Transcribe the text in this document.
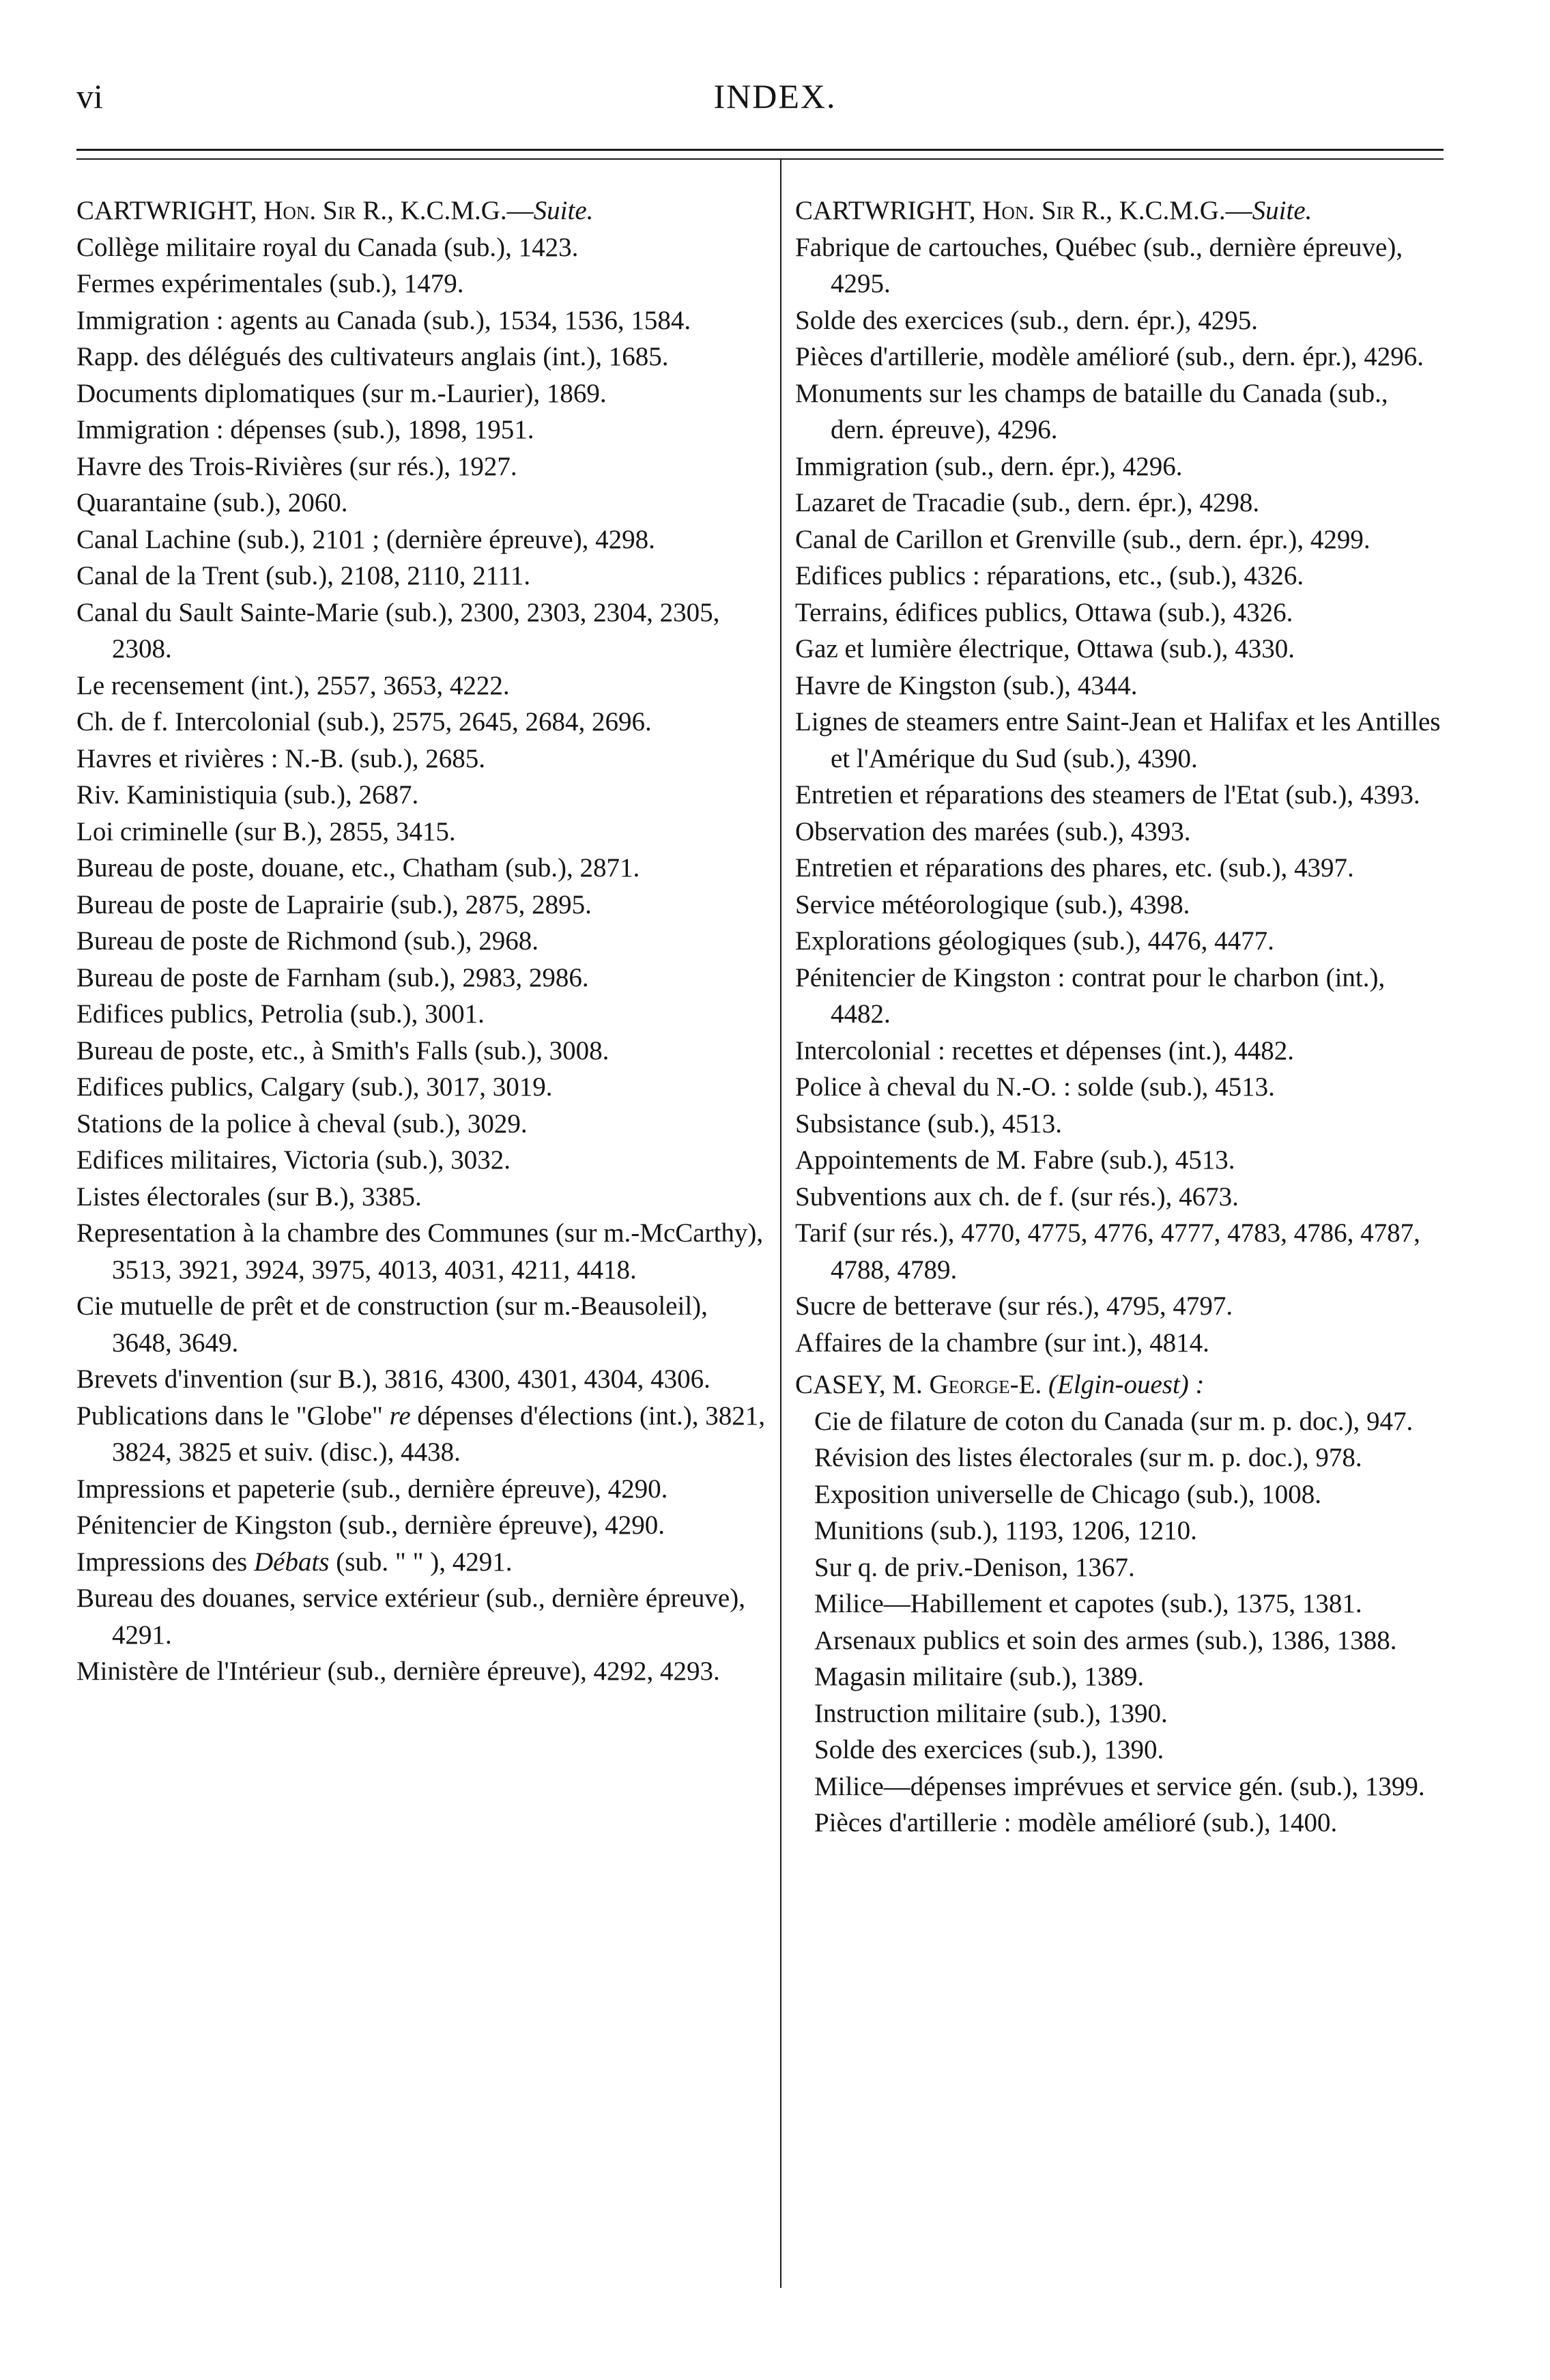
vi	INDEX.
CARTWRIGHT, Hon. Sir R., K.C.M.G.—Suite.
Collège militaire royal du Canada (sub.), 1423.
Fermes expérimentales (sub.), 1479.
Immigration : agents au Canada (sub.), 1534, 1536, 1584.
Rapp. des délégués des cultivateurs anglais (int.), 1685.
Documents diplomatiques (sur m.-Laurier), 1869.
Immigration : dépenses (sub.), 1898, 1951.
Havre des Trois-Rivières (sur rés.), 1927.
Quarantaine (sub.), 2060.
Canal Lachine (sub.), 2101 ; (dernière épreuve), 4298.
Canal de la Trent (sub.), 2108, 2110, 2111.
Canal du Sault Sainte-Marie (sub.), 2300, 2303, 2304, 2305, 2308.
Le recensement (int.), 2557, 3653, 4222.
Ch. de f. Intercolonial (sub.), 2575, 2645, 2684, 2696.
Havres et rivières : N.-B. (sub.), 2685.
Riv. Kaministiquia (sub.), 2687.
Loi criminelle (sur B.), 2855, 3415.
Bureau de poste, douane, etc., Chatham (sub.), 2871.
Bureau de poste de Laprairie (sub.), 2875, 2895.
Bureau de poste de Richmond (sub.), 2968.
Bureau de poste de Farnham (sub.), 2983, 2986.
Edifices publics, Petrolia (sub.), 3001.
Bureau de poste, etc., à Smith's Falls (sub.), 3008.
Edifices publics, Calgary (sub.), 3017, 3019.
Stations de la police à cheval (sub.), 3029.
Edifices militaires, Victoria (sub.), 3032.
Listes électorales (sur B.), 3385.
Representation à la chambre des Communes (sur m.-McCarthy), 3513, 3921, 3924, 3975, 4013, 4031, 4211, 4418.
Cie mutuelle de prêt et de construction (sur m.-Beausoleil), 3648, 3649.
Brevets d'invention (sur B.), 3816, 4300, 4301, 4304, 4306.
Publications dans le "Globe" re dépenses d'élections (int.), 3821, 3824, 3825 et suiv. (disc.), 4438.
Impressions et papeterie (sub., dernière épreuve), 4290.
Pénitencier de Kingston (sub., dernière épreuve), 4290.
Impressions des Débats (sub. " " ), 4291.
Bureau des douanes, service extérieur (sub., dernière épreuve), 4291.
Ministère de l'Intérieur (sub., dernière épreuve), 4292, 4293.
CARTWRIGHT, Hon. Sir R., K.C.M.G.—Suite.
Fabrique de cartouches, Québec (sub., dernière épreuve), 4295.
Solde des exercices (sub., dern. épr.), 4295.
Pièces d'artillerie, modèle amélioré (sub., dern. épr.), 4296.
Monuments sur les champs de bataille du Canada (sub., dern. épreuve), 4296.
Immigration (sub., dern. épr.), 4296.
Lazaret de Tracadie (sub., dern. épr.), 4298.
Canal de Carillon et Grenville (sub., dern. épr.), 4299.
Edifices publics : réparations, etc., (sub.), 4326.
Terrains, édifices publics, Ottawa (sub.), 4326.
Gaz et lumière électrique, Ottawa (sub.), 4330.
Havre de Kingston (sub.), 4344.
Lignes de steamers entre Saint-Jean et Halifax et les Antilles et l'Amérique du Sud (sub.), 4390.
Entretien et réparations des steamers de l'Etat (sub.), 4393.
Observation des marées (sub.), 4393.
Entretien et réparations des phares, etc. (sub.), 4397.
Service météorologique (sub.), 4398.
Explorations géologiques (sub.), 4476, 4477.
Pénitencier de Kingston : contrat pour le charbon (int.), 4482.
Intercolonial : recettes et dépenses (int.), 4482.
Police à cheval du N.-O. : solde (sub.), 4513.
Subsistance (sub.), 4513.
Appointements de M. Fabre (sub.), 4513.
Subventions aux ch. de f. (sur rés.), 4673.
Tarif (sur rés.), 4770, 4775, 4776, 4777, 4783, 4786, 4787, 4788, 4789.
Sucre de betterave (sur rés.), 4795, 4797.
Affaires de la chambre (sur int.), 4814.
CASEY, M. George-E. (Elgin-ouest) :
Cie de filature de coton du Canada (sur m. p. doc.), 947.
Révision des listes électorales (sur m. p. doc.), 978.
Exposition universelle de Chicago (sub.), 1008.
Munitions (sub.), 1193, 1206, 1210.
Sur q. de priv.-Denison, 1367.
Milice—Habillement et capotes (sub.), 1375, 1381.
Arsenaux publics et soin des armes (sub.), 1386, 1388.
Magasin militaire (sub.), 1389.
Instruction militaire (sub.), 1390.
Solde des exercices (sub.), 1390.
Milice—dépenses imprévues et service gén. (sub.), 1399.
Pièces d'artillerie : modèle amélioré (sub.), 1400.
